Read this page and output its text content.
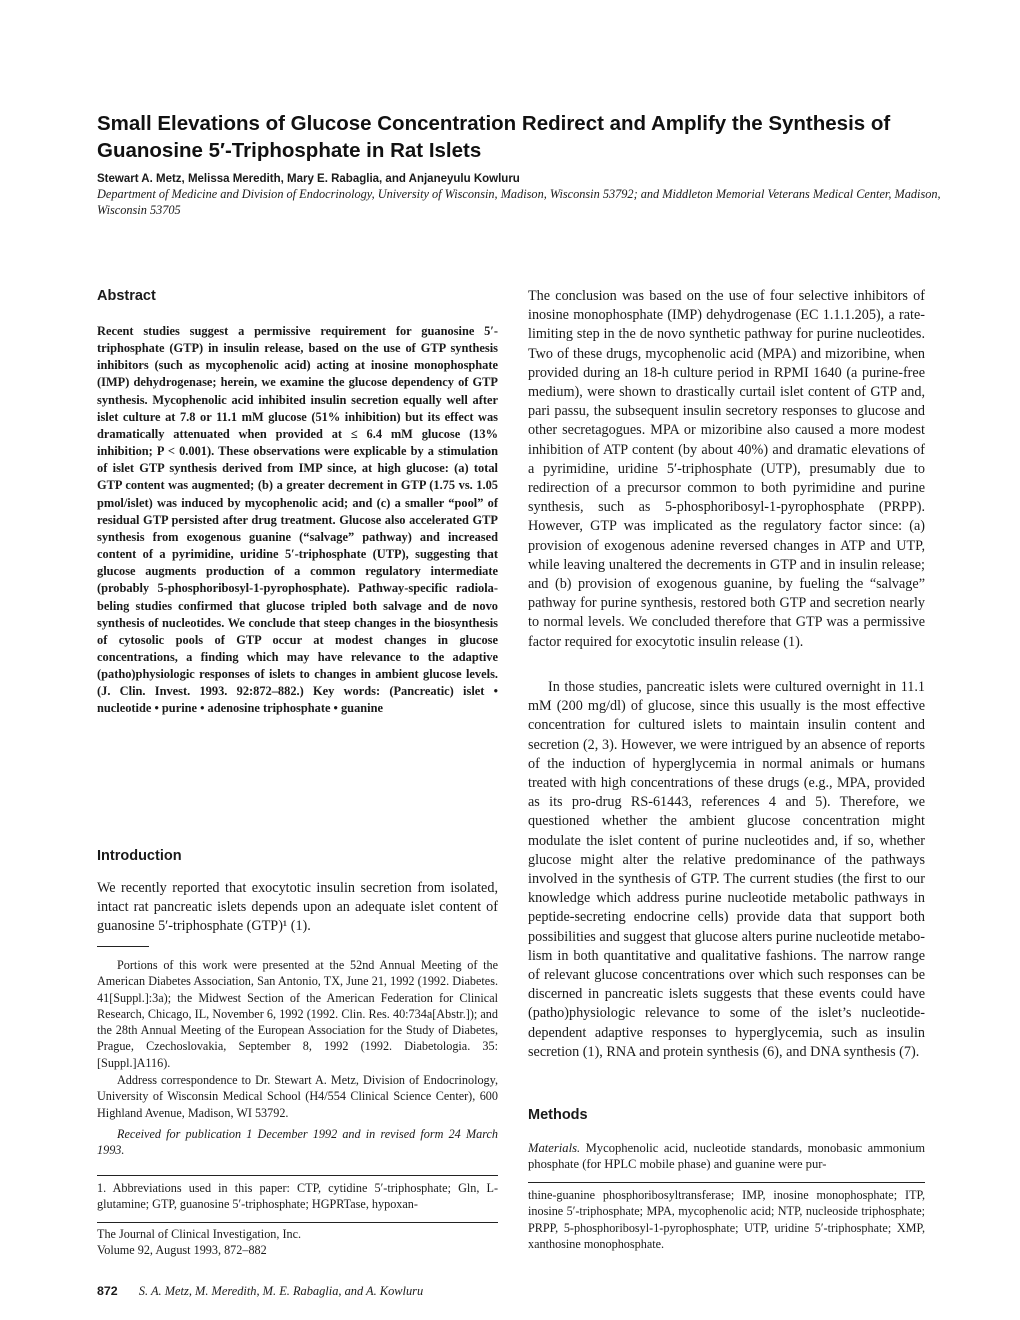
Small Elevations of Glucose Concentration Redirect and Amplify the Synthesis of Guanosine 5′-Triphosphate in Rat Islets
Stewart A. Metz, Melissa Meredith, Mary E. Rabaglia, and Anjaneyulu Kowluru
Department of Medicine and Division of Endocrinology, University of Wisconsin, Madison, Wisconsin 53792; and Middleton Memorial Veterans Medical Center, Madison, Wisconsin 53705
Abstract

Recent studies suggest a permissive requirement for guanosine 5′-triphosphate (GTP) in insulin release, based on the use of GTP synthesis inhibitors (such as mycophenolic acid) acting at inosine monophosphate (IMP) dehydrogenase; herein, we examine the glucose dependency of GTP synthesis. Mycophenolic acid inhibited insulin secretion equally well after islet culture at 7.8 or 11.1 mM glucose (51% inhibition) but its effect was dramatically attenuated when provided at ≤ 6.4 mM glucose (13% inhibition; P < 0.001). These observations were explicable by a stimulation of islet GTP synthesis derived from IMP since, at high glucose: (a) total GTP content was augmented; (b) a greater decrement in GTP (1.75 vs. 1.05 pmol/islet) was induced by mycophenolic acid; and (c) a smaller “pool” of residual GTP persisted after drug treatment. Glucose also accelerated GTP synthesis from exogenous guanine (“salvage” pathway) and increased content of a pyrimidine, uridine 5′-triphosphate (UTP), suggesting that glucose augments production of a common regulatory intermediate (probably 5-phosphoribosyl-1-pyrophosphate). Pathway-specific radiolabeling studies confirmed that glucose tripled both salvage and de novo synthesis of nucleotides. We conclude that steep changes in the biosynthesis of cytosolic pools of GTP occur at modest changes in glucose concentrations, a finding which may have relevance to the adaptive (patho)physiologic responses of islets to changes in ambient glucose levels. (J. Clin. Invest. 1993. 92:872–882.) Key words: (Pancreatic) islet • nucleotide • purine • adenosine triphosphate • guanine

Introduction

We recently reported that exocytotic insulin secretion from isolated, intact rat pancreatic islets depends upon an adequate islet content of guanosine 5′-triphosphate (GTP)¹ (1).

Portions of this work were presented at the 52nd Annual Meeting of the American Diabetes Association, San Antonio, TX, June 21, 1992 (1992. Diabetes. 41[Suppl.]:3a); the Midwest Section of the American Federation for Clinical Research, Chicago, IL, November 6, 1992 (1992. Clin. Res. 40:734a[Abstr.]); and the 28th Annual Meeting of the European Association for the Study of Diabetes, Prague, Czechoslovakia, September 8, 1992 (1992. Diabetologia. 35:[Suppl.]A116).

Address correspondence to Dr. Stewart A. Metz, Division of Endocrinology, University of Wisconsin Medical School (H4/554 Clinical Science Center), 600 Highland Avenue, Madison, WI 53792.

Received for publication 1 December 1992 and in revised form 24 March 1993.

1. Abbreviations used in this paper: CTP, cytidine 5′-triphosphate; Gln, L-glutamine; GTP, guanosine 5′-triphosphate; HGPRTase, hypoxan-

The Journal of Clinical Investigation, Inc.
Volume 92, August 1993, 872–882

The conclusion was based on the use of four selective inhibitors of inosine monophosphate (IMP) dehydrogenase (EC 1.1.1.205), a rate-limiting step in the de novo synthetic pathway for purine nucleotides. Two of these drugs, mycophenolic acid (MPA) and mizoribine, when provided during an 18-h culture period in RPMI 1640 (a purine-free medium), were shown to drastically curtail islet content of GTP and, pari passu, the subsequent insulin secretory responses to glucose and other secretagogues. MPA or mizoribine also caused a more modest inhibition of ATP content (by about 40%) and dramatic elevations of a pyrimidine, uridine 5′-triphosphate (UTP), presumably due to redirection of a precursor common to both pyrimidine and purine synthesis, such as 5-phosphoribosyl-1-pyrophosphate (PRPP). However, GTP was implicated as the regulatory factor since: (a) provision of exogenous adenine reversed changes in ATP and UTP, while leaving unaltered the decrements in GTP and in insulin release; and (b) provision of exogenous guanine, by fueling the “salvage” pathway for purine synthesis, restored both GTP and secretion nearly to normal levels. We concluded therefore that GTP was a permissive factor required for exocytotic insulin release (1).

In those studies, pancreatic islets were cultured overnight in 11.1 mM (200 mg/dl) of glucose, since this usually is the most effective concentration for cultured islets to maintain insulin content and secretion (2, 3). However, we were intrigued by an absence of reports of the induction of hyperglycemia in normal animals or humans treated with high concentrations of these drugs (e.g., MPA, provided as its pro-drug RS-61443, references 4 and 5). Therefore, we questioned whether the ambient glucose concentration might modulate the islet content of purine nucleotides and, if so, whether glucose might alter the relative predominance of the pathways involved in the synthesis of GTP. The current studies (the first to our knowledge which address purine nucleotide metabolic pathways in peptide-secreting endocrine cells) provide data that support both possibilities and suggest that glucose alters purine nucleotide metabolism in both quantitative and qualitative fashions. The narrow range of relevant glucose concentrations over which such responses can be discerned in pancreatic islets suggests that these events could have (patho)physiologic relevance to some of the islet’s nucleotide-dependent adaptive responses to hyperglycemia, such as insulin secretion (1), RNA and protein synthesis (6), and DNA synthesis (7).

Methods

Materials. Mycophenolic acid, nucleotide standards, monobasic ammonium phosphate (for HPLC mobile phase) and guanine were pur-

thine-guanine phosphoribosyltransferase; IMP, inosine monophosphate; ITP, inosine 5′-triphosphate; MPA, mycophenolic acid; NTP, nucleoside triphosphate; PRPP, 5-phosphoribosyl-1-pyrophosphate; UTP, uridine 5′-triphosphate; XMP, xanthosine monophosphate.

872 S. A. Metz, M. Meredith, M. E. Rabaglia, and A. Kowluru
